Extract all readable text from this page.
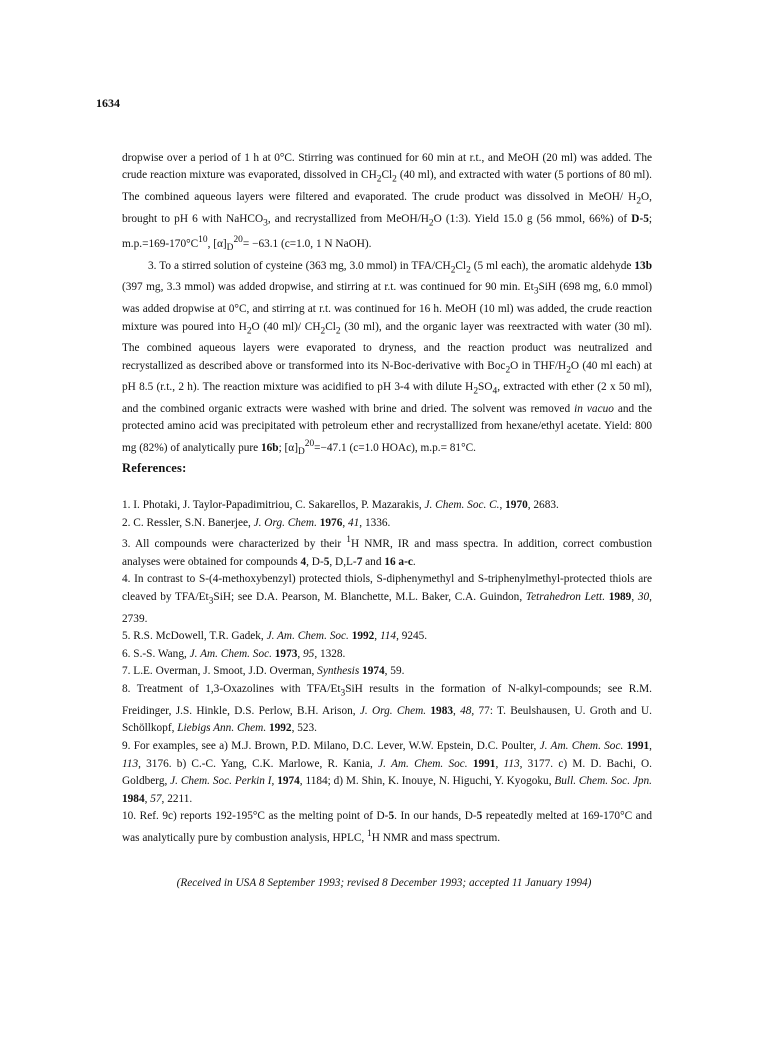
1634

dropwise over a period of 1 h at 0°C. Stirring was continued for 60 min at r.t., and MeOH (20 ml) was added. The crude reaction mixture was evaporated, dissolved in $CH_2Cl_2$ (40 ml), and extracted with water (5 portions of 80 ml). The combined aqueous layers were filtered and evaporated. The crude product was dissolved in MeOH/ $H_2O$, brought to pH 6 with NaHCO$_3$, and recrystallized from MeOH/$H_2O$ (1:3). Yield 15.0 g (56 mmol, 66%) of D-5; $m.p.=169-170^\circ C^{10}$, $[\alpha]_D^{20}= -63.1$ (c=1.0, 1 N NaOH).

3. To a stirred solution of cysteine (363 mg, 3.0 mmol) in TFA/$CH_2Cl_2$ (5 ml each), the aromatic aldehyde 13b (397 mg, 3.3 mmol) was added dropwise, and stirring at r.t. was continued for 90 min. $Et_3SiH$ (698 mg, 6.0 mmol) was added dropwise at 0°C, and stirring at r.t. was continued for 16 h. MeOH (10 ml) was added, the crude reaction mixture was poured into $H_2O$ (40 ml)/ $CH_2Cl_2$ (30 ml), and the organic layer was reextracted with water (30 ml). The combined aqueous layers were evaporated to dryness, and the reaction product was neutralized and recrystallized as described above or transformed into its N-Boc-derivative with Boc$_2$O in THF/$H_2O$ (40 ml each) at pH 8.5 (r.t., 2 h). The reaction mixture was acidified to pH 3-4 with dilute $H_2SO_4$, extracted with ether (2 x 50 ml), and the combined organic extracts were washed with brine and dried. The solvent was removed in vacuo and the protected amino acid was precipitated with petroleum ether and recrystallized from hexane/ethyl acetate. Yield: 800 mg (82%) of analytically pure 16b; $[\alpha]_D^{20}=-47.1$ (c=1.0 HOAc), m.p.= 81°C.

References:

1. I. Photaki, J. Taylor-Papadimitriou, C. Sakarellos, P. Mazarakis, J. Chem. Soc. C., 1970, 2683.

2. C. Ressler, S.N. Banerjee, J. Org. Chem. 1976, 41, 1336.

3. All compounds were characterized by their $^1$H NMR, IR and mass spectra. In addition, correct combustion analyses were obtained for compounds 4, D-5, D,L-7 and 16 a-c.

4. In contrast to S-(4-methoxybenzyl) protected thiols, S-diphenymethyl and S-triphenylmethyl-protected thiols are cleaved by TFA/$Et_3SiH$; see D.A. Pearson, M. Blanchette, M.L. Baker, C.A. Guindon, Tetrahedron Lett. 1989, 30, 2739.

5. R.S. McDowell, T.R. Gadek, J. Am. Chem. Soc. 1992, 114, 9245.

6. S.-S. Wang, J. Am. Chem. Soc. 1973, 95, 1328.

7. L.E. Overman, J. Smoot, J.D. Overman, Synthesis 1974, 59.

8. Treatment of 1,3-Oxazolines with TFA/$Et_3SiH$ results in the formation of N-alkyl-compounds; see R.M. Freidinger, J.S. Hinkle, D.S. Perlow, B.H. Arison, J. Org. Chem. 1983, 48, 77: T. Beulshausen, U. Groth and U. Schöllkopf, Liebigs Ann. Chem. 1992, 523.

9. For examples, see a) M.J. Brown, P.D. Milano, D.C. Lever, W.W. Epstein, D.C. Poulter, J. Am. Chem. Soc. 1991, 113, 3176. b) C.-C. Yang, C.K. Marlowe, R. Kania, J. Am. Chem. Soc. 1991, 113, 3177. c) M. D. Bachi, O. Goldberg, J. Chem. Soc. Perkin I, 1974, 1184; d) M. Shin, K. Inouye, N. Higuchi, Y. Kyogoku, Bull. Chem. Soc. Jpn. 1984, 57, 2211.

10. Ref. 9c) reports 192-195°C as the melting point of D-5. In our hands, D-5 repeatedly melted at 169-170°C and was analytically pure by combustion analysis, HPLC, $^1$H NMR and mass spectrum.

(Received in USA 8 September 1993; revised 8 December 1993; accepted 11 January 1994)
